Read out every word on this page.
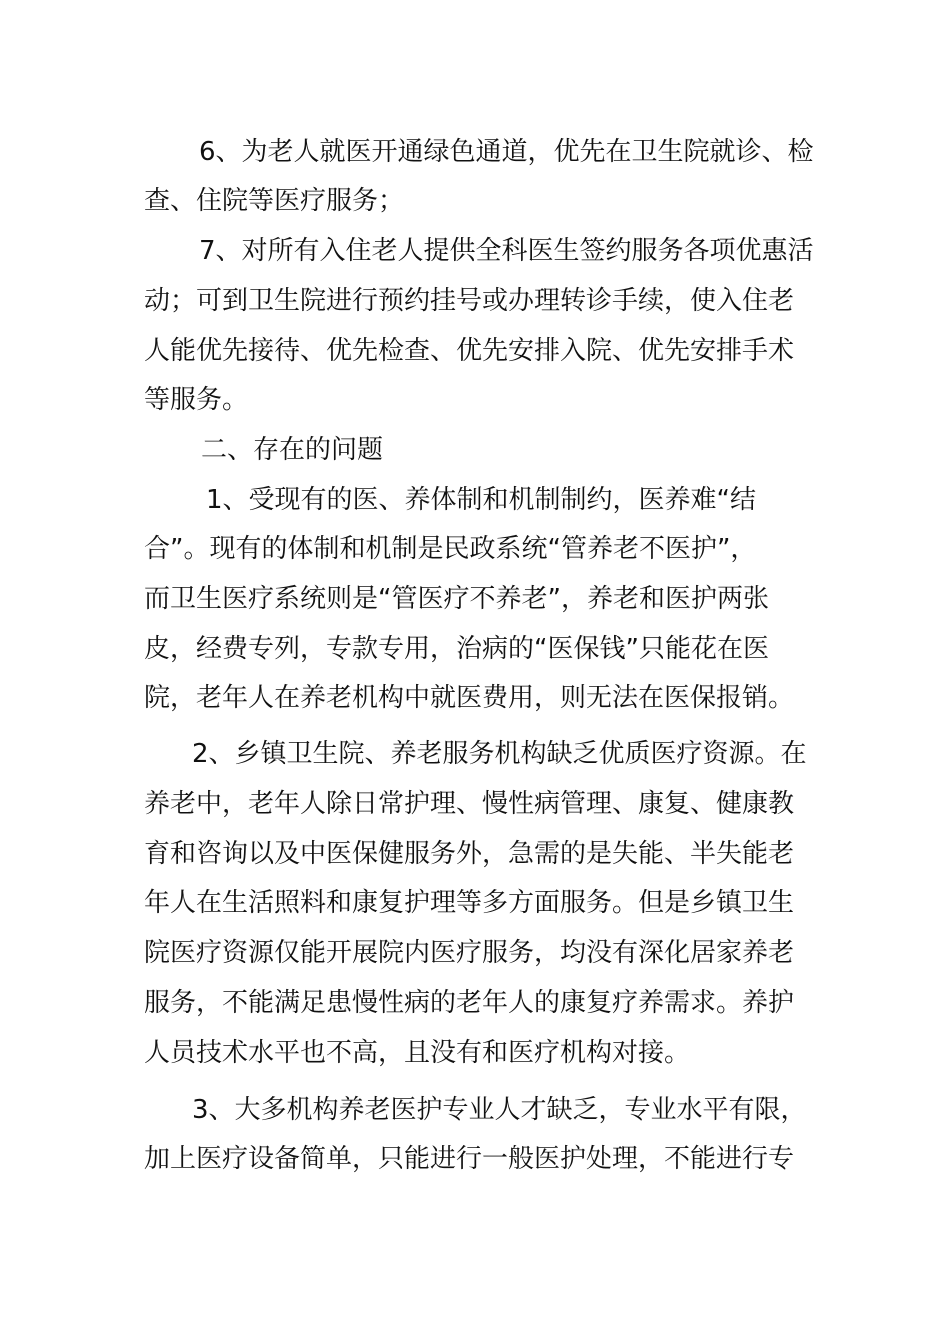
6、为老人就医开通绿色通道，优先在卫生院就诊、检
查、住院等医疗服务；
7、对所有入住老人提供全科医生签约服务各项优惠活
动；可到卫生院进行预约挂号或办理转诊手续，使入住老
人能优先接待、优先检查、优先安排入院、优先安排手术
等服务。
二、存在的问题
1、受现有的医、养体制和机制制约，医养难“结
合”。现有的体制和机制是民政系统“管养老不医护”，
而卫生医疗系统则是“管医疗不养老”，养老和医护两张
皮，经费专列，专款专用，治病的“医保钱”只能花在医
院，老年人在养老机构中就医费用，则无法在医保报销。
2、乡镇卫生院、养老服务机构缺乏优质医疗资源。在
养老中，老年人除日常护理、慢性病管理、康复、健康教
育和咨询以及中医保健服务外，急需的是失能、半失能老
年人在生活照料和康复护理等多方面服务。但是乡镇卫生
院医疗资源仅能开展院内医疗服务，均没有深化居家养老
服务，不能满足患慢性病的老年人的康复疗养需求。养护
人员技术水平也不高，且没有和医疗机构对接。
3、大多机构养老医护专业人才缺乏，专业水平有限，
加上医疗设备简单，只能进行一般医护处理，不能进行专
